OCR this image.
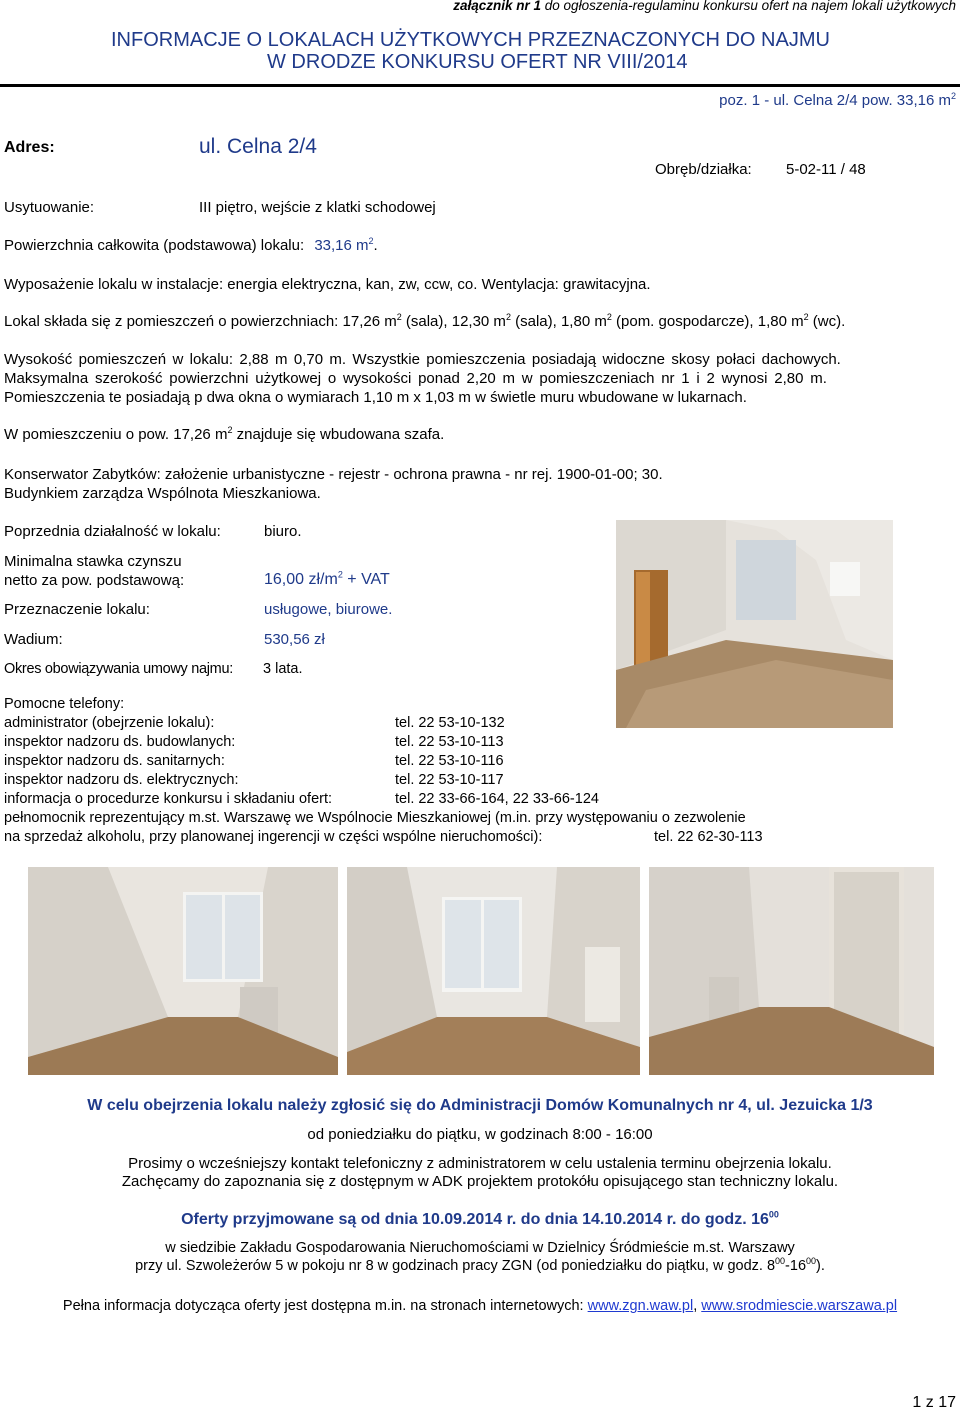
załącznik nr 1 do ogłoszenia-regulaminu konkursu ofert na najem lokali użytkowych
INFORMACJE O LOKALACH UŻYTKOWYCH PRZEZNACZONYCH DO NAJMU
W DRODZE KONKURSU OFERT NR VIII/2014
poz. 1 - ul. Celna 2/4 pow. 33,16 $m^2$
Adres:	ul. Celna 2/4
Obręb/działka: 5-02-11 / 48
Usytuowanie:	III piętro, wejście z klatki schodowej
Powierzchnia całkowita (podstawowa) lokalu: 33,16 $m^2$.
Wyposażenie lokalu w instalacje: energia elektryczna, kan, zw, ccw, co. Wentylacja: grawitacyjna.
Lokal składa się z pomieszczeń o powierzchniach: 17,26 $m^2$ (sala), 12,30 $m^2$ (sala), 1,80 $m^2$ (pom. gospodarcze), 1,80 $m^2$ (wc).
Wysokość pomieszczeń w lokalu: 2,88 m 0,70 m. Wszystkie pomieszczenia posiadają widoczne skosy połaci dachowych.
Maksymalna szerokość powierzchni użytkowej o wysokości ponad 2,20 m w pomieszczeniach nr 1 i 2 wynosi 2,80 m.
Pomieszczenia te posiadają p dwa okna o wymiarach 1,10 m x 1,03 m w świetle muru wbudowane w lukarnach.
W pomieszczeniu o pow. 17,26 $m^2$ znajduje się wbudowana szafa.
Konserwator Zabytków: założenie urbanistyczne - rejestr - ochrona prawna - nr rej. 1900-01-00; 30.
Budynkiem zarządza Wspólnota Mieszkaniowa.
Poprzednia działalność w lokalu:	biuro.
Minimalna stawka czynszu
netto za pow. podstawową:	16,00 $zł/m^2$ + VAT
Przeznaczenie lokalu:	usługowe, biurowe.
Wadium:	530,56 zł
Okres obowiązywania umowy najmu: 3 lata.
Pomocne telefony:
administrator (obejrzenie lokalu):	tel. 22 53-10-132
inspektor nadzoru ds. budowlanych:	tel. 22 53-10-113
inspektor nadzoru ds. sanitarnych:	tel. 22 53-10-116
inspektor nadzoru ds. elektrycznych:	tel. 22 53-10-117
informacja o procedurze konkursu i składaniu ofert:	tel. 22 33-66-164, 22 33-66-124
pełnomocnik reprezentujący m.st. Warszawę we Wspólnocie Mieszkaniowej (m.in. przy występowaniu o zezwolenie
na sprzedaż alkoholu, przy planowanej ingerencji w części wspólne nieruchomości):	tel. 22 62-30-113
W celu obejrzenia lokalu należy zgłosić się do Administracji Domów Komunalnych nr 4, ul. Jezuicka 1/3
od poniedziałku do piątku, w godzinach 8:00 - 16:00
Prosimy o wcześniejszy kontakt telefoniczny z administratorem w celu ustalenia terminu obejrzenia lokalu.
Zachęcamy do zapoznania się z dostępnym w ADK projektem protokółu opisującego stan techniczny lokalu.
Oferty przyjmowane są od dnia 10.09.2014 r. do dnia 14.10.2014 r. do godz. $16^{00}$
w siedzibie Zakładu Gospodarowania Nieruchomościami w Dzielnicy Śródmieście m.st. Warszawy
przy ul. Szwoleżerów 5 w pokoju nr 8 w godzinach pracy ZGN (od poniedziałku do piątku, w godz. $8^{00}-16^{00}$).
Pełna informacja dotycząca oferty jest dostępna m.in. na stronach internetowych: www.zgn.waw.pl, www.srodmiescie.warszawa.pl
1 z 17
